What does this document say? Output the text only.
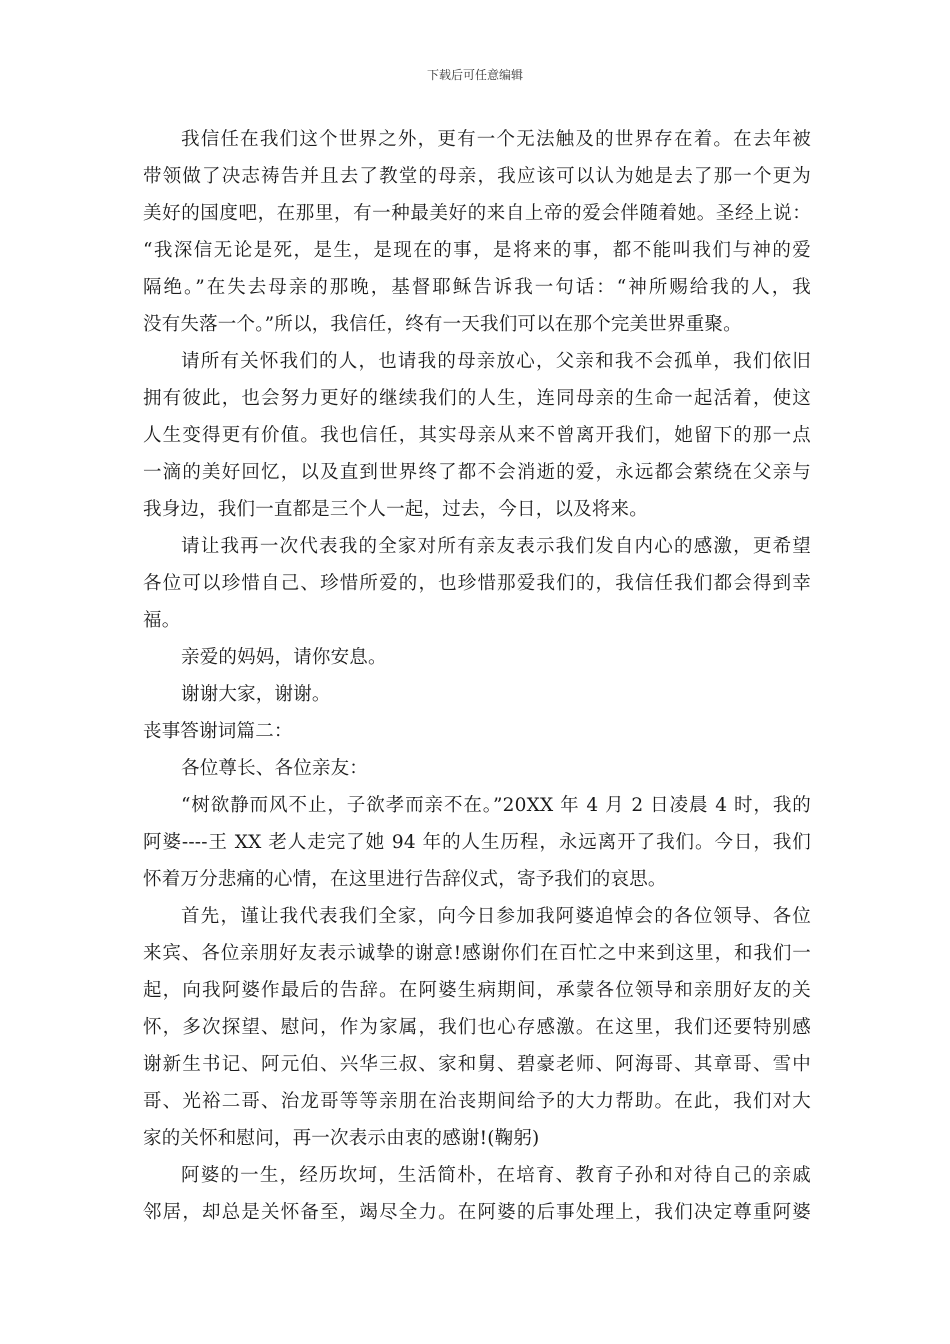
下载后可任意编辑
我信任在我们这个世界之外，更有一个无法触及的世界存在着。在去年被
带领做了决志祷告并且去了教堂的母亲，我应该可以认为她是去了那一个更为
美好的国度吧，在那里，有一种最美好的来自上帝的爱会伴随着她。圣经上说：
“我深信无论是死，是生，是现在的事，是将来的事，都不能叫我们与神的爱
隔绝。”在失去母亲的那晚，基督耶稣告诉我一句话：“神所赐给我的人，我
没有失落一个。”所以，我信任，终有一天我们可以在那个完美世界重聚。
请所有关怀我们的人，也请我的母亲放心，父亲和我不会孤单，我们依旧
拥有彼此，也会努力更好的继续我们的人生，连同母亲的生命一起活着，使这
人生变得更有价值。我也信任，其实母亲从来不曾离开我们，她留下的那一点
一滴的美好回忆，以及直到世界终了都不会消逝的爱，永远都会萦绕在父亲与
我身边，我们一直都是三个人一起，过去，今日，以及将来。
请让我再一次代表我的全家对所有亲友表示我们发自内心的感激，更希望
各位可以珍惜自己、珍惜所爱的，也珍惜那爱我们的，我信任我们都会得到幸
福。
亲爱的妈妈，请你安息。
谢谢大家，谢谢。
丧事答谢词篇二：
各位尊长、各位亲友：
“树欲静而风不止，子欲孝而亲不在。”20XX 年 4 月 2 日凌晨 4 时，我的
阿婆----王 XX 老人走完了她 94 年的人生历程，永远离开了我们。今日，我们
怀着万分悲痛的心情，在这里进行告辞仪式，寄予我们的哀思。
首先，谨让我代表我们全家，向今日参加我阿婆追悼会的各位领导、各位
来宾、各位亲朋好友表示诚挚的谢意!感谢你们在百忙之中来到这里，和我们一
起，向我阿婆作最后的告辞。在阿婆生病期间，承蒙各位领导和亲朋好友的关
怀，多次探望、慰问，作为家属，我们也心存感激。在这里，我们还要特别感
谢新生书记、阿元伯、兴华三叔、家和舅、碧豪老师、阿海哥、其章哥、雪中
哥、光裕二哥、治龙哥等等亲朋在治丧期间给予的大力帮助。在此，我们对大
家的关怀和慰问，再一次表示由衷的感谢!(鞠躬)
阿婆的一生，经历坎坷，生活简朴，在培育、教育子孙和对待自己的亲戚
邻居，却总是关怀备至，竭尽全力。在阿婆的后事处理上，我们决定尊重阿婆
